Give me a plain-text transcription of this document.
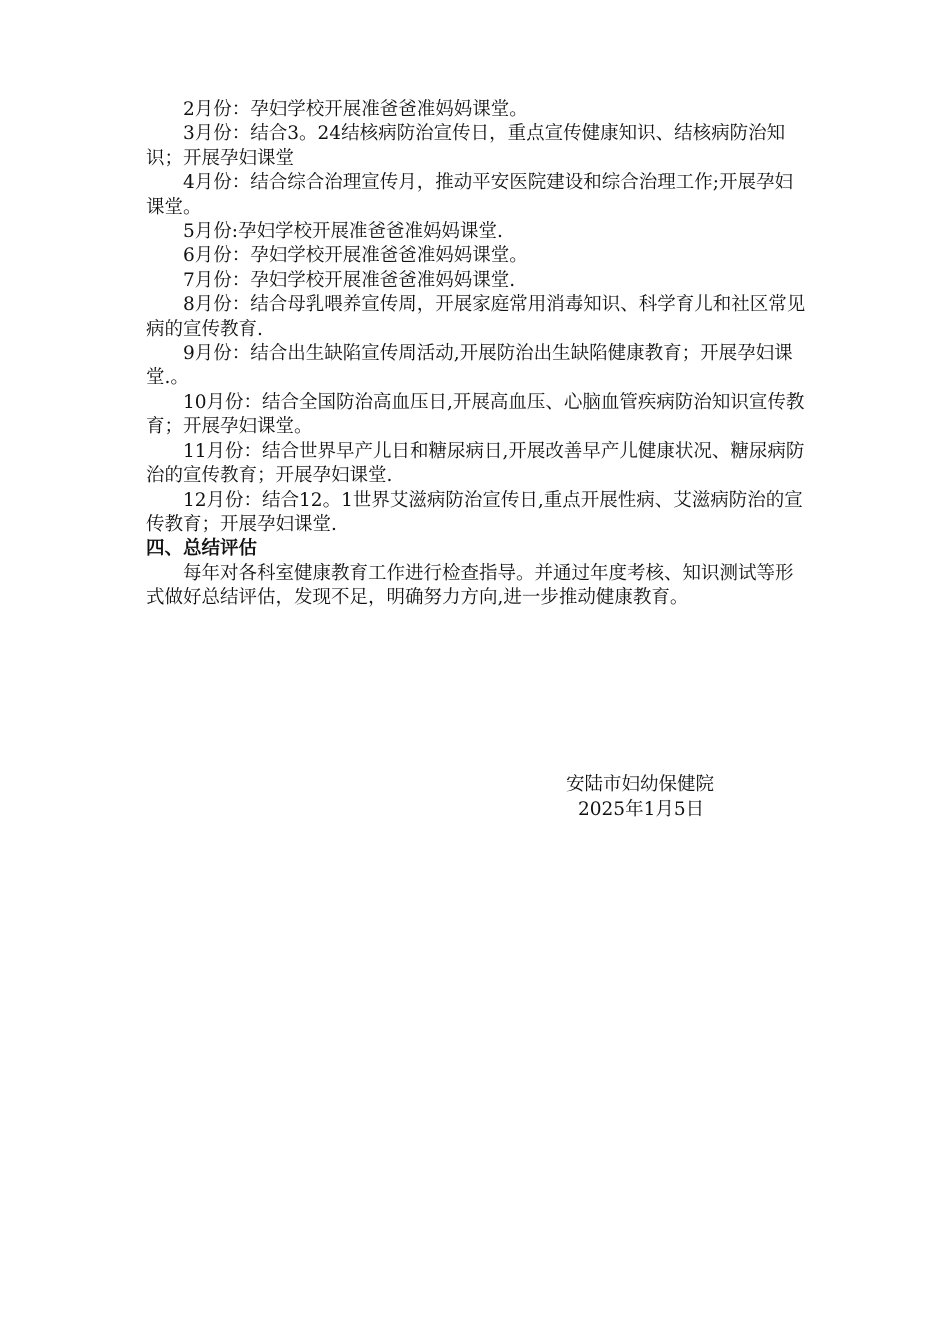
2月份：孕妇学校开展准爸爸准妈妈课堂。

3月份：结合3。24结核病防治宣传日，重点宣传健康知识、结核病防治知识；开展孕妇课堂

4月份：结合综合治理宣传月，推动平安医院建设和综合治理工作;开展孕妇课堂。

5月份:孕妇学校开展准爸爸准妈妈课堂.

6月份：孕妇学校开展准爸爸准妈妈课堂。

7月份：孕妇学校开展准爸爸准妈妈课堂.

8月份：结合母乳喂养宣传周，开展家庭常用消毒知识、科学育儿和社区常见病的宣传教育.

9月份：结合出生缺陷宣传周活动,开展防治出生缺陷健康教育；开展孕妇课堂.。

10月份：结合全国防治高血压日,开展高血压、心脑血管疾病防治知识宣传教育；开展孕妇课堂。

11月份：结合世界早产儿日和糖尿病日,开展改善早产儿健康状况、糖尿病防治的宣传教育；开展孕妇课堂.

12月份：结合12。1世界艾滋病防治宣传日,重点开展性病、艾滋病防治的宣传教育；开展孕妇课堂.

四、总结评估

每年对各科室健康教育工作进行检查指导。并通过年度考核、知识测试等形式做好总结评估，发现不足，明确努力方向,进一步推动健康教育。

安陆市妇幼保健院
2025年1月5日
